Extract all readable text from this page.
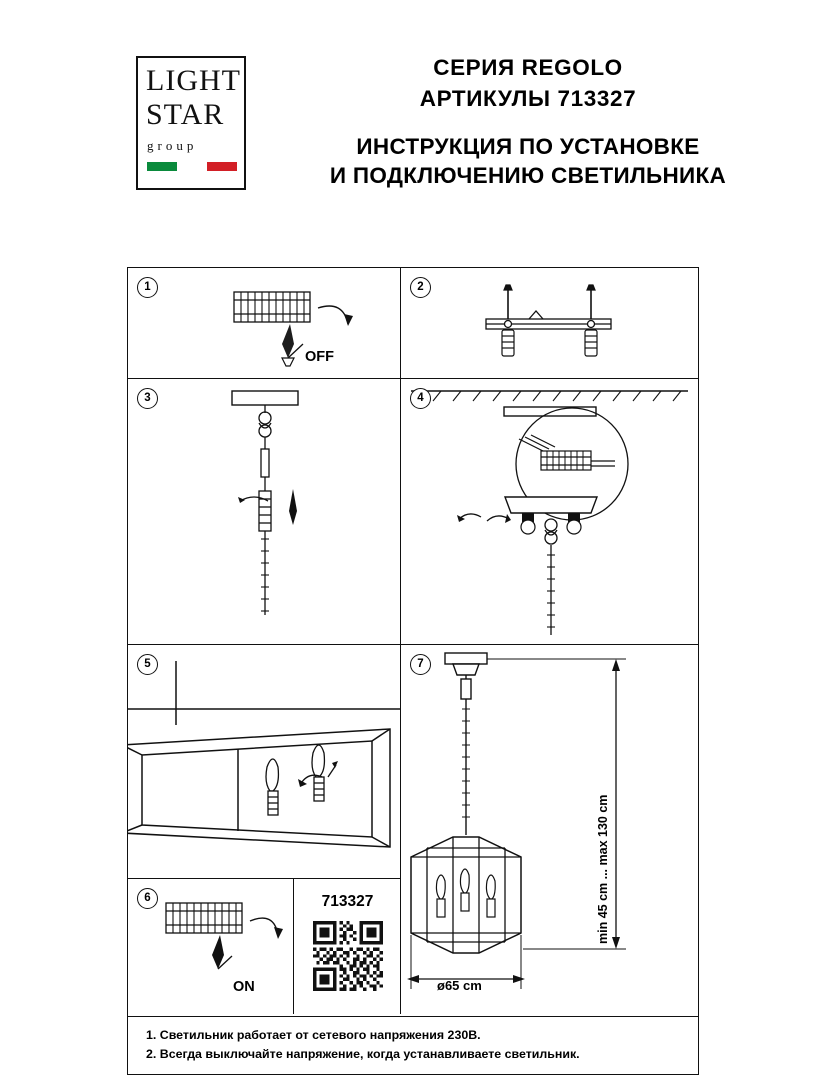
LIGHT
STAR
group
СЕРИЯ REGOLO
АРТИКУЛЫ 713327
ИНСТРУКЦИЯ ПО УСТАНОВКЕ
И ПОДКЛЮЧЕНИЮ СВЕТИЛЬНИКА
1
OFF
2
3	4
5
6
ON
713327
7
min 45 cm ... max 130 cm
ø65 cm
1. Светильник работает от сетевого напряжения 230В.
2. Всегда выключайте напряжение, когда устанавливаете светильник.
